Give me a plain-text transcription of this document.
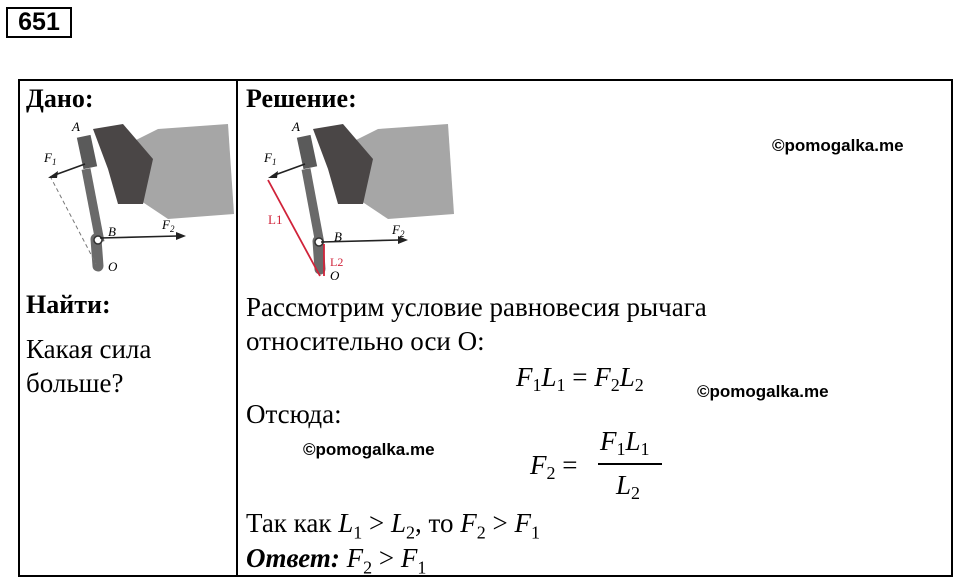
651
Дано:
A
$F_1$
B	$F_2$
O
Найти:
Какая сила
больше?
Решение:
A
$F_1$
L1
B	$F_2$
L2
O
©pomogalka.me
Рассмотрим условие равновесия рычага
относительно оси О:
$F_1L_1 = F_2L_2$	©pomogalka.me
Отсюда:
©pomogalka.me
$F_2$ =
$F_1L_1$
$L_2$
Так как $L_1 > L_2$, то $F_2 > F_1$
Ответ: $F_2 > F_1$
